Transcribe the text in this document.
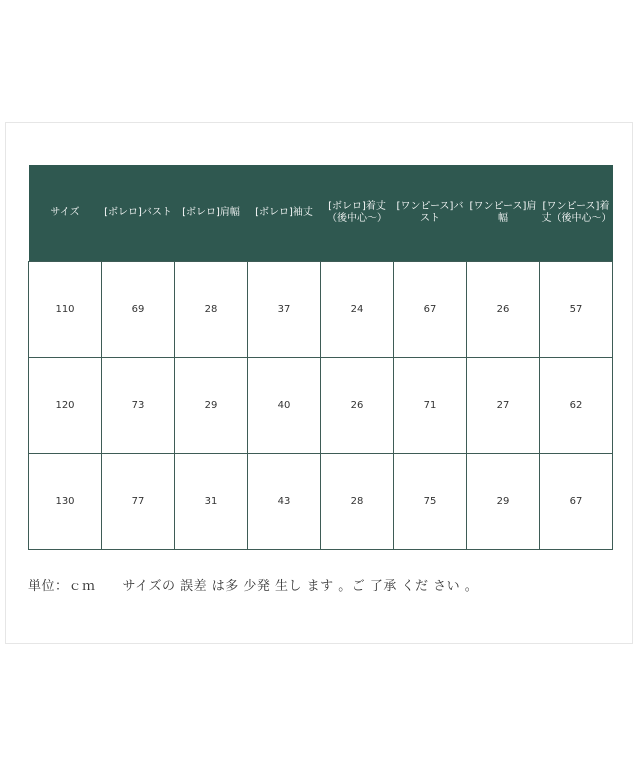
サイズ	[ボレロ]バスト	[ボレロ]肩幅	[ボレロ]袖丈	[ボレロ]着丈（後中心～）	[ワンピース]バスト	[ワンピース]肩幅	[ワンピース]着丈（後中心～）
110	69	28	37	24	67	26	57
120	73	29	40	26	71	27	62
130	77	31	43	28	75	29	67
単位：ｃｍ　　サイズの 誤差 は多 少発 生し ます 。ご 了承 くだ さい 。
